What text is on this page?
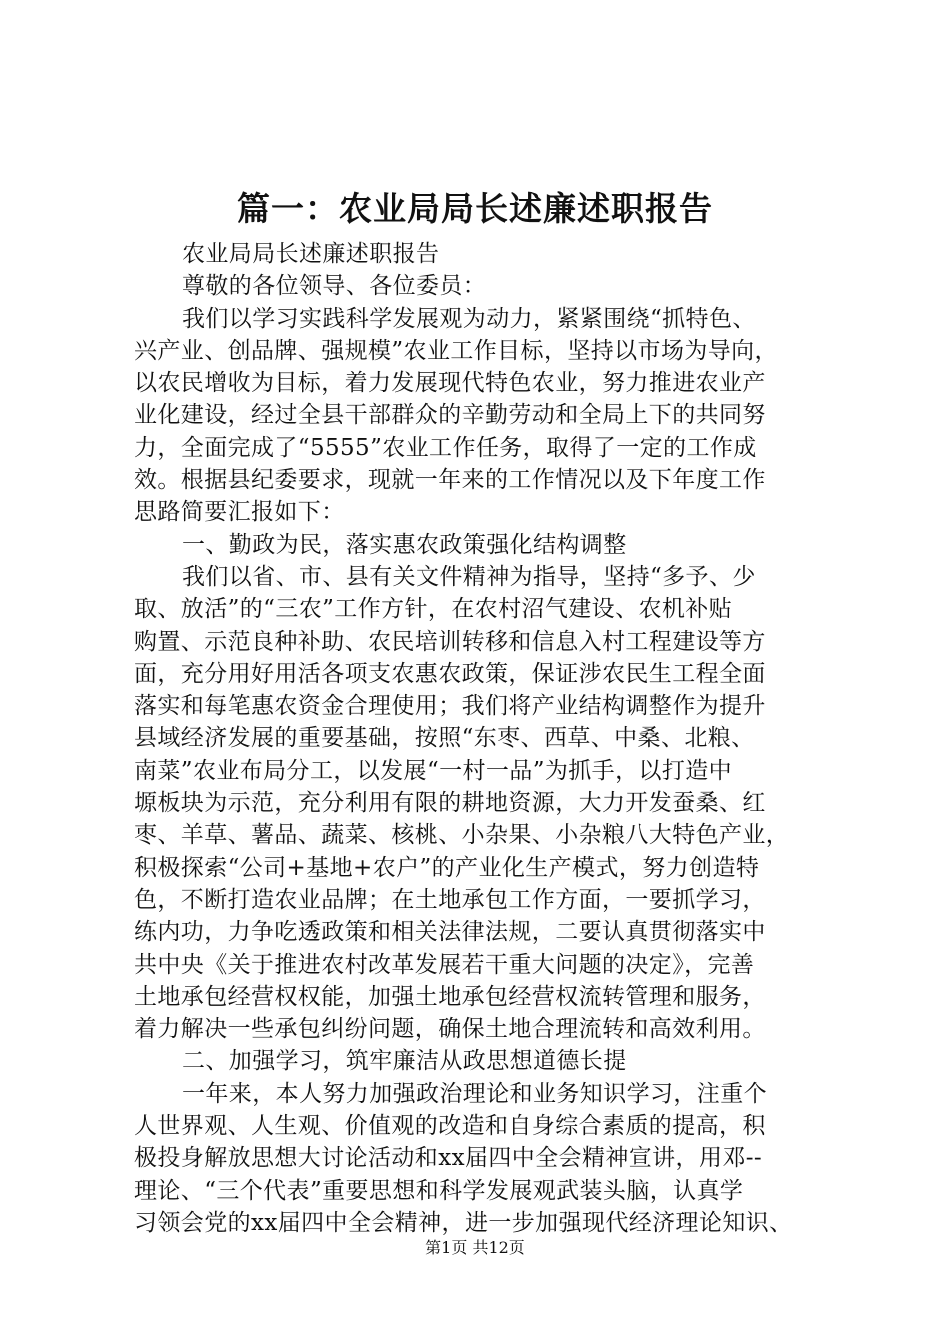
篇一：农业局局长述廉述职报告
农业局局长述廉述职报告
尊敬的各位领导、各位委员：
我们以学习实践科学发展观为动力，紧紧围绕“抓特色、
兴产业、创品牌、强规模”农业工作目标，坚持以市场为导向，
以农民增收为目标，着力发展现代特色农业，努力推进农业产
业化建设，经过全县干部群众的辛勤劳动和全局上下的共同努
力，全面完成了“5555”农业工作任务，取得了一定的工作成
效。根据县纪委要求，现就一年来的工作情况以及下年度工作
思路简要汇报如下：
一、勤政为民，落实惠农政策强化结构调整
我们以省、市、县有关文件精神为指导，坚持“多予、少
取、放活”的“三农”工作方针，在农村沼气建设、农机补贴
购置、示范良种补助、农民培训转移和信息入村工程建设等方
面，充分用好用活各项支农惠农政策，保证涉农民生工程全面
落实和每笔惠农资金合理使用；我们将产业结构调整作为提升
县域经济发展的重要基础，按照“东枣、西草、中桑、北粮、
南菜”农业布局分工，以发展“一村一品”为抓手，以打造中
塬板块为示范，充分利用有限的耕地资源，大力开发蚕桑、红
枣、羊草、薯品、蔬菜、核桃、小杂果、小杂粮八大特色产业，
积极探索“公司+基地+农户”的产业化生产模式，努力创造特
色，不断打造农业品牌；在土地承包工作方面，一要抓学习，
练内功，力争吃透政策和相关法律法规，二要认真贯彻落实中
共中央《关于推进农村改革发展若干重大问题的决定》，完善
土地承包经营权权能，加强土地承包经营权流转管理和服务，
着力解决一些承包纠纷问题，确保土地合理流转和高效利用。
二、加强学习，筑牢廉洁从政思想道德长提
一年来，本人努力加强政治理论和业务知识学习，注重个
人世界观、人生观、价值观的改造和自身综合素质的提高，积
极投身解放思想大讨论活动和xx届四中全会精神宣讲，用邓--
理论、“三个代表”重要思想和科学发展观武装头脑，认真学
习领会党的xx届四中全会精神，进一步加强现代经济理论知识、
第1页 共12页
